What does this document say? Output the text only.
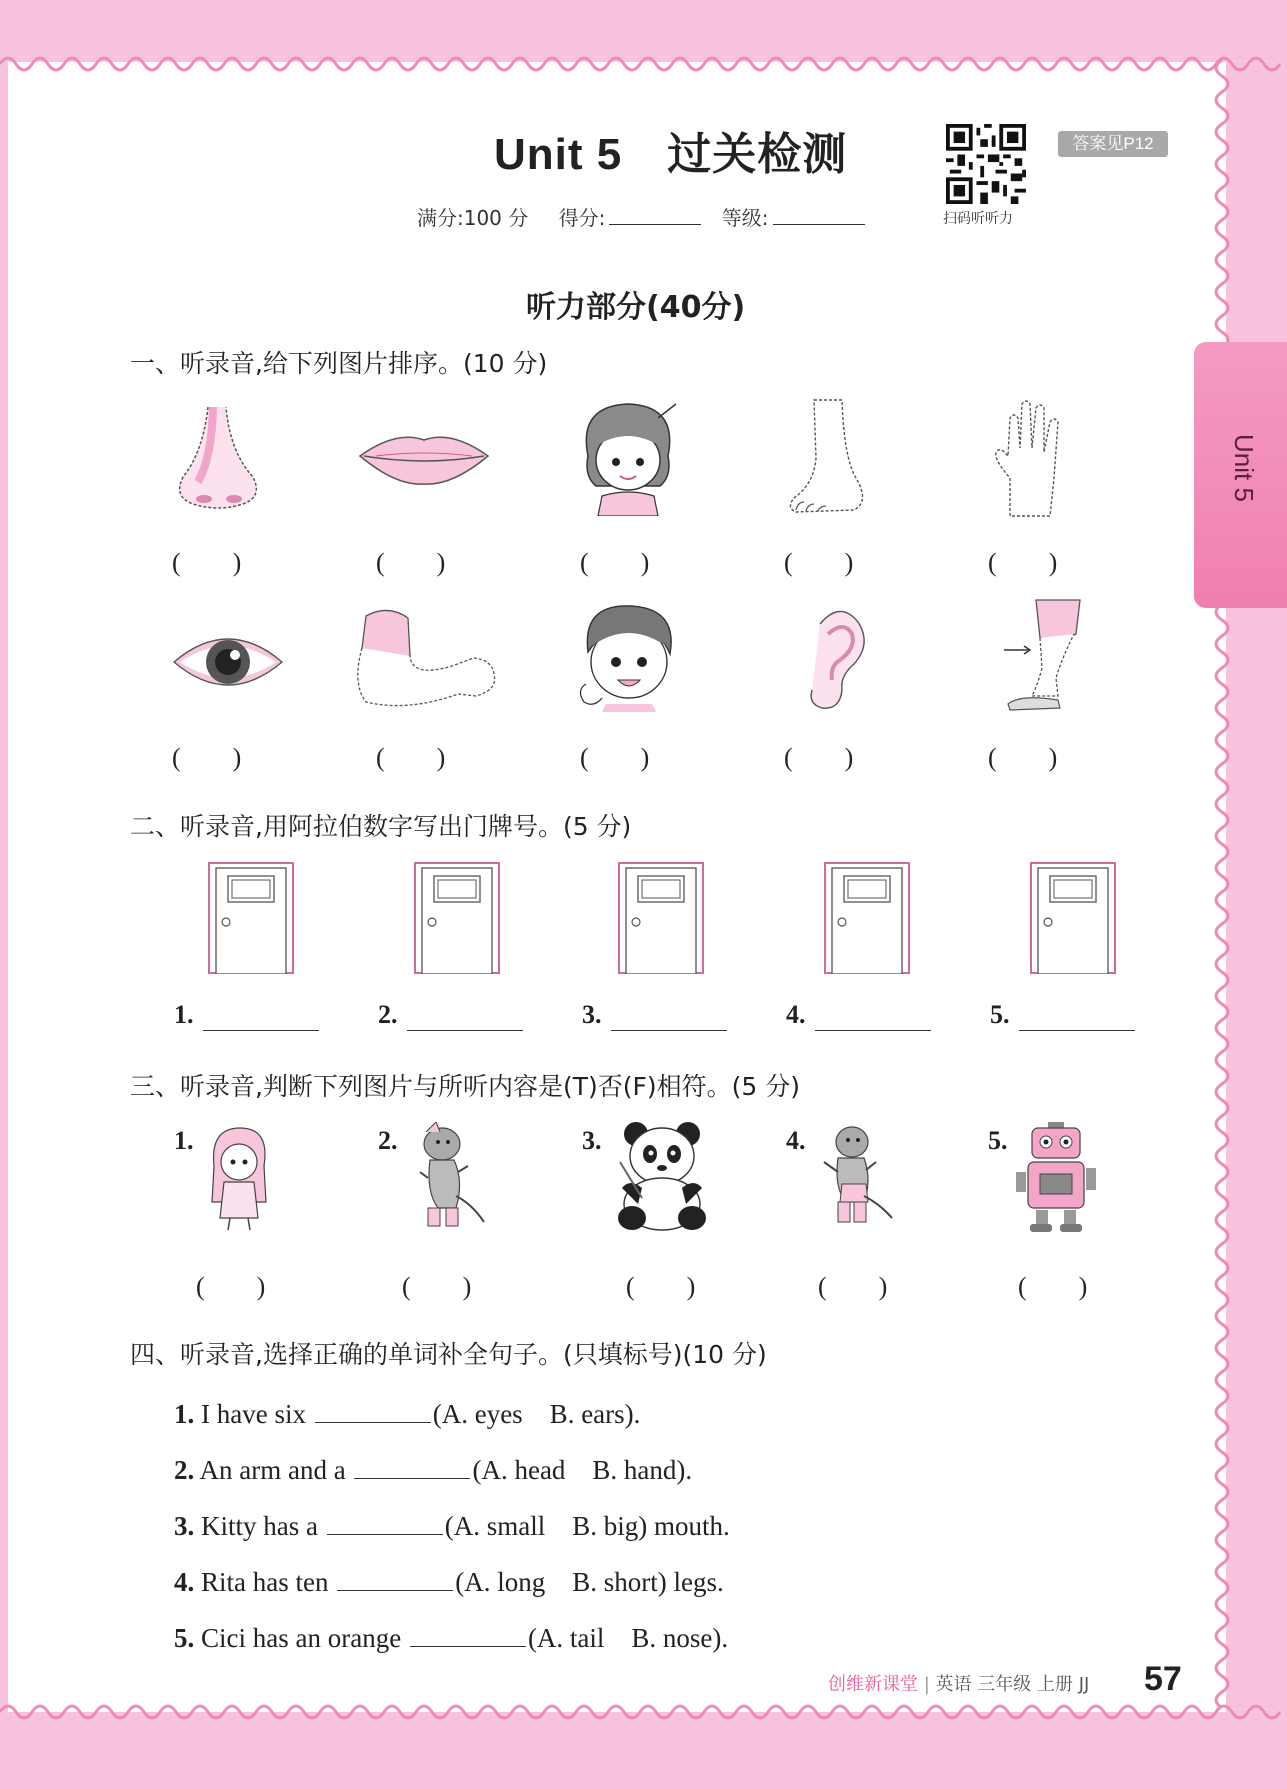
Unit 5
Unit 5　过关检测
满分:100 分 得分:	等级:	扫码听听力
答案见P12
听力部分(40分)
一、听录音,给下列图片排序。(10 分)
(　　)	(　　)	(　　)	(　　)	(　　)
(　　)	(　　)	(　　)	(　　)	(　　)
二、听录音,用阿拉伯数字写出门牌号。(5 分)
1.	2.	3.	4.	5.
三、听录音,判断下列图片与所听内容是(T)否(F)相符。(5 分)
1.	2.	3.	4.	5.
(　　)	(　　)	(　　)	(　　)	(　　)
四、听录音,选择正确的单词补全句子。(只填标号)(10 分)
1. I have six	(A. eyes　B. ears).
2. An arm and a	(A. head　B. hand).
3. Kitty has a	(A. small　B. big) mouth.
4. Rita has ten	(A. long　B. short) legs.
5. Cici has an orange	(A. tail　B. nose).
创维新课堂 | 英语 三年级 上册 JJ 57
